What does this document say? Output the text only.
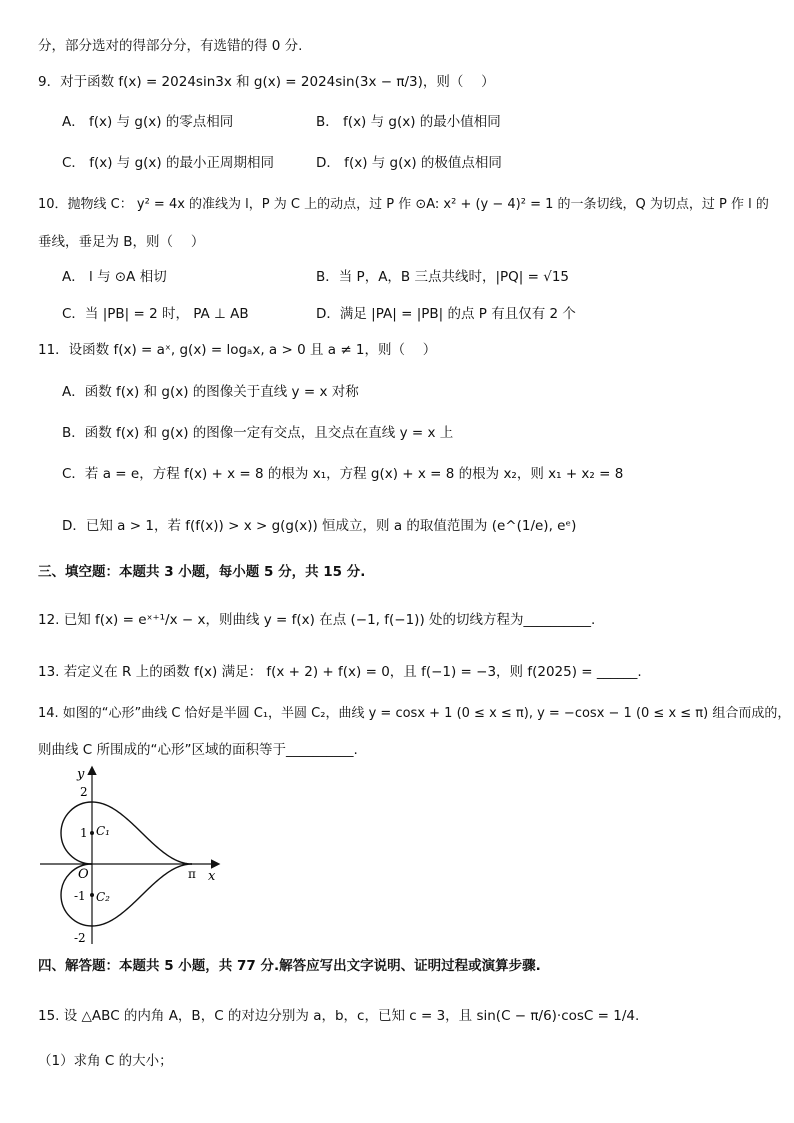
分，部分选对的得部分分，有选错的得 0 分.
9．对于函数 f(x) = 2024sin3x 和 g(x) = 2024sin(3x − π/3)，则（　 ）
A． f(x) 与 g(x) 的零点相同	B． f(x) 与 g(x) 的最小值相同
C． f(x) 与 g(x) 的最小正周期相同	D． f(x) 与 g(x) 的极值点相同
10．抛物线 C： y² = 4x 的准线为 l，P 为 C 上的动点，过 P 作 ⊙A: x² + (y − 4)² = 1 的一条切线，Q 为切点，过 P 作 l 的
垂线，垂足为 B，则（　 ）
A． l 与 ⊙A 相切	B．当 P，A，B 三点共线时，|PQ| = √15
C．当 |PB| = 2 时， PA ⊥ AB	D．满足 |PA| = |PB| 的点 P 有且仅有 2 个
11．设函数 f(x) = aˣ, g(x) = logₐx, a > 0 且 a ≠ 1，则（　 ）
A．函数 f(x) 和 g(x) 的图像关于直线 y = x 对称
B．函数 f(x) 和 g(x) 的图像一定有交点，且交点在直线 y = x 上
C．若 a = e，方程 f(x) + x = 8 的根为 x₁，方程 g(x) + x = 8 的根为 x₂，则 x₁ + x₂ = 8
D．已知 a > 1，若 f(f(x)) > x > g(g(x)) 恒成立，则 a 的取值范围为 (e^(1/e), eᵉ)
三、填空题：本题共 3 小题，每小题 5 分，共 15 分.
12. 已知 f(x) = eˣ⁺¹/x − x，则曲线 y = f(x) 在点 (−1, f(−1)) 处的切线方程为__________.
13. 若定义在 R 上的函数 f(x) 满足： f(x + 2) + f(x) = 0，且 f(−1) = −3，则 f(2025) = ______.
14. 如图的“心形”曲线 C 恰好是半圆 C₁，半圆 C₂，曲线 y = cosx + 1 (0 ≤ x ≤ π), y = −cosx − 1 (0 ≤ x ≤ π) 组合而成的，
则曲线 C 所围成的“心形”区域的面积等于__________.
y
x
O
2
1
-1
-2
π
C₁
C₂
四、解答题：本题共 5 小题，共 77 分.解答应写出文字说明、证明过程或演算步骤.
15. 设 △ABC 的内角 A，B，C 的对边分别为 a，b，c，已知 c = 3，且 sin(C − π/6)·cosC = 1/4.
（1）求角 C 的大小；
